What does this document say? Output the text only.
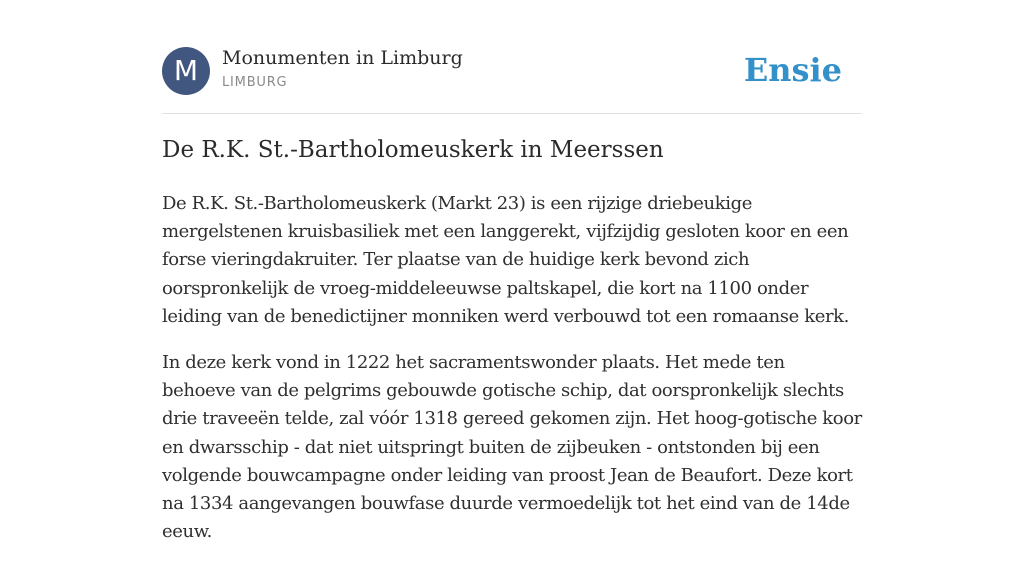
M	Monumenten in Limburg
LIMBURG	Ensie
De R.K. St.-Bartholomeuskerk in Meerssen

De R.K. St.-Bartholomeuskerk (Markt 23) is een rijzige driebeukige mergelstenen kruisbasiliek met een langgerekt, vijfzijdig gesloten koor en een forse vieringdakruiter. Ter plaatse van de huidige kerk bevond zich oorspronkelijk de vroeg-middeleeuwse paltskapel, die kort na 1100 onder leiding van de benedictijner monniken werd verbouwd tot een romaanse kerk.

In deze kerk vond in 1222 het sacramentswonder plaats. Het mede ten behoeve van de pelgrims gebouwde gotische schip, dat oorspronkelijk slechts drie traveeën telde, zal vóór 1318 gereed gekomen zijn. Het hoog-gotische koor en dwarsschip - dat niet uitspringt buiten de zijbeuken - ontstonden bij een volgende bouwcampagne onder leiding van proost Jean de Beaufort. Deze kort na 1334 aangevangen bouwfase duurde vermoedelijk tot het eind van de 14de eeuw.
